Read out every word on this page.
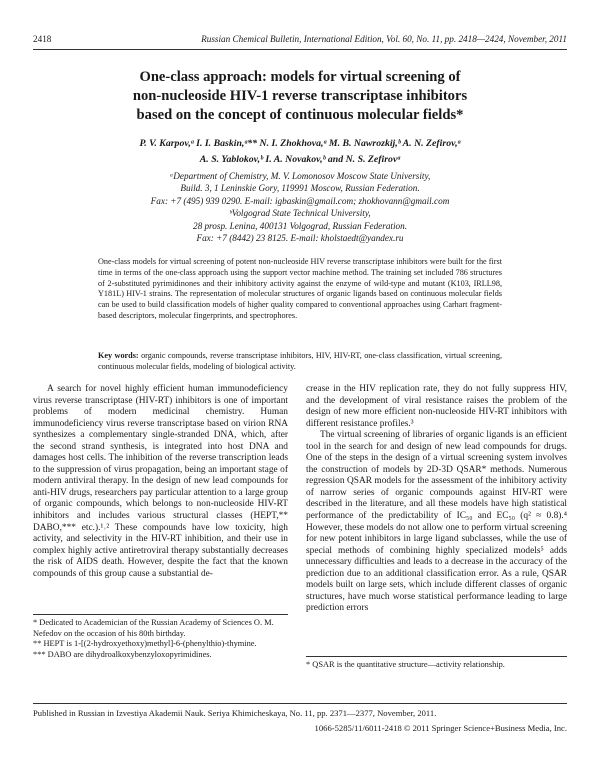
2418	Russian Chemical Bulletin, International Edition, Vol. 60, No. 11, pp. 2418—2424, November, 2011
One-class approach: models for virtual screening of
non-nucleoside HIV-1 reverse transcriptase inhibitors
based on the concept of continuous molecular fields*
P. V. Karpov,ᵃ I. I. Baskin,ᵃ** N. I. Zhokhova,ᵃ M. B. Nawrozkij,ᵇ A. N. Zefirov,ᵃ
A. S. Yablokov,ᵇ I. A. Novakov,ᵇ and N. S. Zefirovᵃ
ᵃDepartment of Chemistry, M. V. Lomonosov Moscow State University,
Build. 3, 1 Leninskie Gory, 119991 Moscow, Russian Federation.
Fax: +7 (495) 939 0290. E-mail: igbaskin@gmail.com; zhokhovann@gmail.com
ᵇVolgograd State Technical University,
28 prosp. Lenina, 400131 Volgograd, Russian Federation.
Fax: +7 (8442) 23 8125. E-mail: kholstaedt@yandex.ru
One-class models for virtual screening of potent non-nucleoside HIV reverse transcriptase inhibitors were built for the first time in terms of the one-class approach using the support vector machine method. The training set included 786 structures of 2-substituted pyrimidinones and their inhibitory activity against the enzyme of wild-type and mutant (K103, IRLL98, Y181L) HIV-1 strains. The representation of molecular structures of organic ligands based on continuous molecular fields can be used to build classification models of higher quality compared to conventional approaches using Carhart fragment-based descriptors, molecular fingerprints, and spectrophores.
Key words: organic compounds, reverse transcriptase inhibitors, HIV, HIV-RT, one-class classification, virtual screening, continuous molecular fields, modeling of biological activity.

A search for novel highly efficient human immunodeficiency virus reverse transcriptase (HIV-RT) inhibitors is one of important problems of modern medicinal chemistry. Human immunodeficiency virus reverse transcriptase based on virion RNA synthesizes a complementary single-stranded DNA, which, after the second strand synthesis, is integrated into host DNA and damages host cells. The inhibition of the reverse transcription leads to the suppression of virus propagation, being an important stage of modern antiviral therapy. In the design of new lead compounds for anti-HIV drugs, researchers pay particular attention to a large group of organic compounds, which belongs to non-nucleoside HIV-RT inhibitors and includes various structural classes (HEPT,** DABO,*** etc.).¹˒² These compounds have low toxicity, high activity, and selectivity in the HIV-RT inhibition, and their use in complex highly active antiretroviral therapy substantially decreases the risk of AIDS death. However, despite the fact that the known compounds of this group cause a substantial de-

crease in the HIV replication rate, they do not fully suppress HIV, and the development of viral resistance raises the problem of the design of new more efficient non-nucleoside HIV-RT inhibitors with different resistance profiles.³

The virtual screening of libraries of organic ligands is an efficient tool in the search for and design of new lead compounds for drugs. One of the steps in the design of a virtual screening system involves the construction of models by 2D-3D QSAR* methods. Numerous regression QSAR models for the assessment of the inhibitory activity of narrow series of organic compounds against HIV-RT were described in the literature, and all these models have high statistical performance of the predictability of IC₅₀ and EC₅₀ (q² ≈ 0.8).⁴ However, these models do not allow one to perform virtual screening for new potent inhibitors in large ligand subclasses, while the use of special methods of combining highly specialized models⁵ adds unnecessary difficulties and leads to a decrease in the accuracy of the prediction due to an additional classification error. As a rule, QSAR models built on large sets, which include different classes of organic structures, have much worse statistical performance leading to large prediction errors

* Dedicated to Academician of the Russian Academy of Sciences O. M. Nefedov on the occasion of his 80th birthday.
** HEPT is 1-[(2-hydroxyethoxy)methyl]-6-(phenylthio)-thymine.
*** DABO are dihydroalkoxybenzyloxopyrimidines.
* QSAR is the quantitative structure—activity relationship.
Published in Russian in Izvestiya Akademii Nauk. Seriya Khimicheskaya, No. 11, pp. 2371—2377, November, 2011.
1066-5285/11/6011-2418 © 2011 Springer Science+Business Media, Inc.
